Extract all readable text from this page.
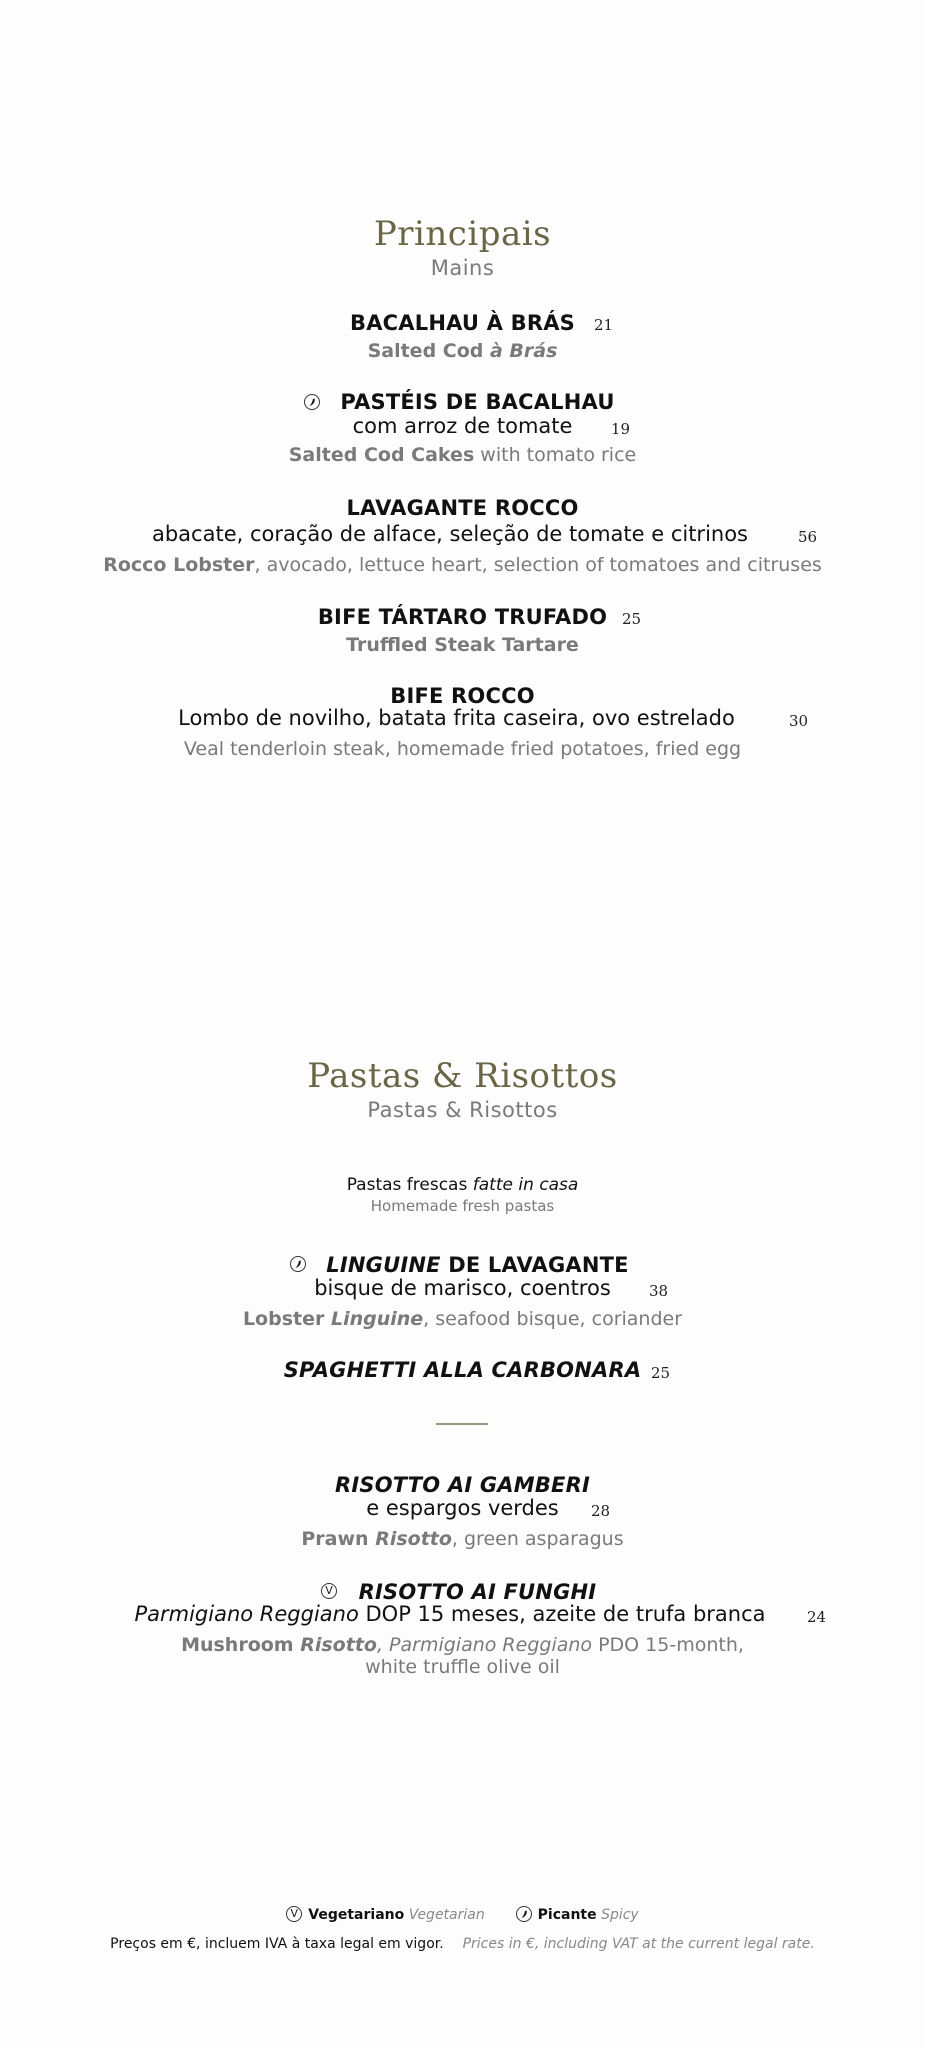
Principais
Mains
BACALHAU À BRÁS	21
Salted Cod à Brás
PASTÉIS DE BACALHAU
com arroz de tomate	19
Salted Cod Cakes with tomato rice
LAVAGANTE ROCCO
abacate, coração de alface, seleção de tomate e citrinos	56
Rocco Lobster, avocado, lettuce heart, selection of tomatoes and citruses
BIFE TÁRTARO TRUFADO 25
Truffled Steak Tartare
BIFE ROCCO
Lombo de novilho, batata frita caseira, ovo estrelado	30
Veal tenderloin steak, homemade fried potatoes, fried egg
Pastas & Risottos
Pastas & Risottos
Pastas frescas fatte in casa
Homemade fresh pastas
LINGUINE DE LAVAGANTE
bisque de marisco, coentros	38
Lobster Linguine, seafood bisque, coriander
SPAGHETTI ALLA CARBONARA 25
RISOTTO AI GAMBERI
e espargos verdes	28
Prawn Risotto, green asparagus
V	RISOTTO AI FUNGHI
Parmigiano Reggiano DOP 15 meses, azeite de trufa branca	24
Mushroom Risotto, Parmigiano Reggiano PDO 15-month,
white truffle olive oil
V Vegetariano Vegetarian	Picante Spicy
Preços em €, incluem IVA à taxa legal em vigor. Prices in €, including VAT at the current legal rate.
